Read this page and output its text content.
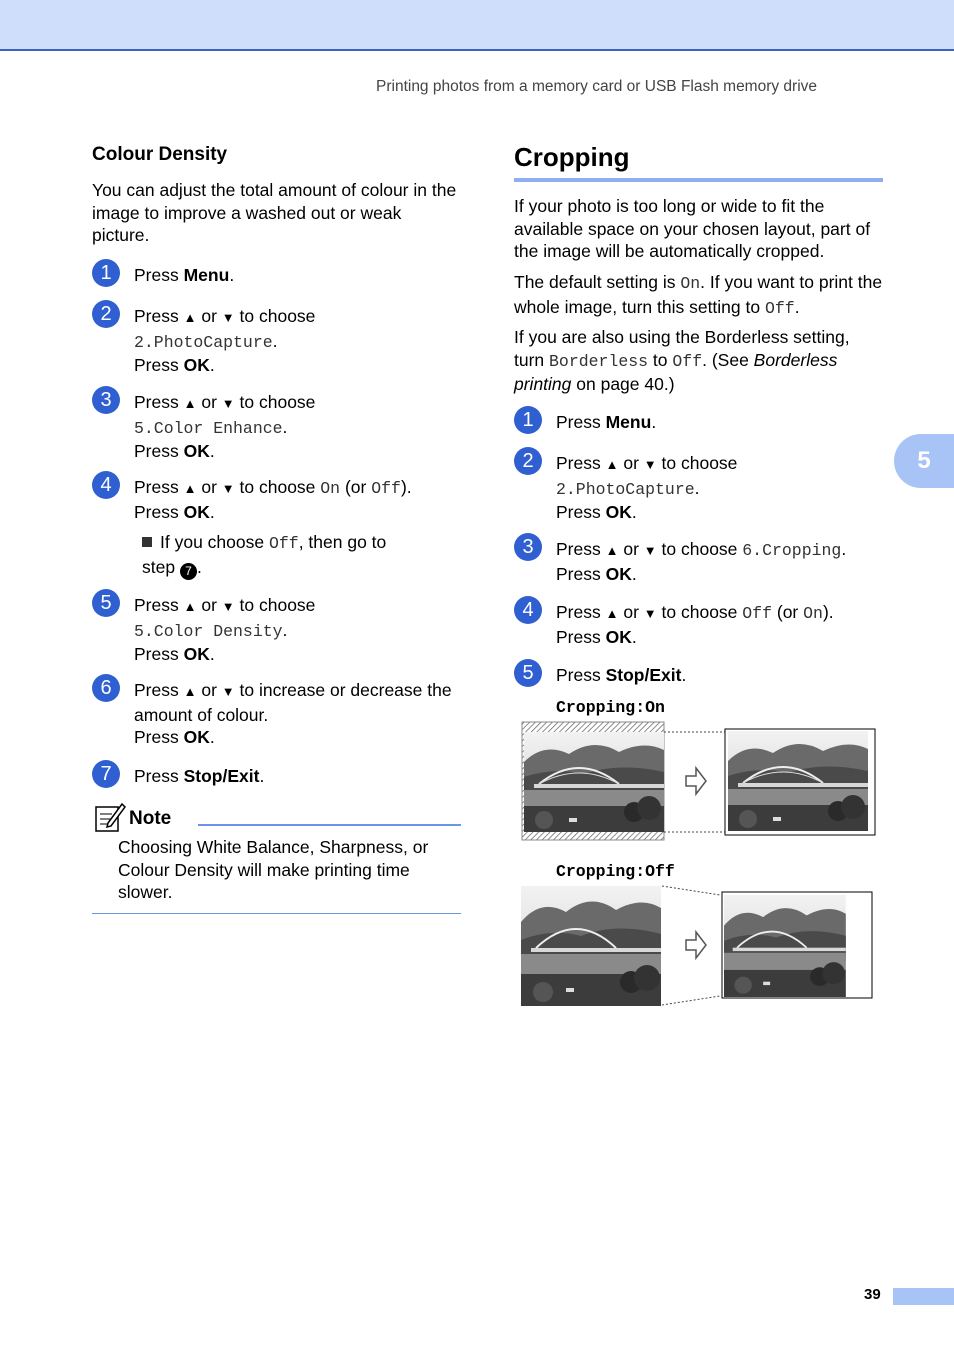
Printing photos from a memory card or USB Flash memory drive
5
Colour Density
You can adjust the total amount of colour in the image to improve a washed out or weak picture.
1	Press Menu.
2	Press ▲ or ▼ to choose
2.PhotoCapture.
Press OK.
3	Press ▲ or ▼ to choose
5.Color Enhance.
Press OK.
4	Press ▲ or ▼ to choose On (or Off).
Press OK.
If you choose Off, then go to step 7 .
5	Press ▲ or ▼ to choose
5.Color Density.
Press OK.
6	Press ▲ or ▼ to increase or decrease the amount of colour.
Press OK.
7	Press Stop/Exit.
Note
Choosing White Balance, Sharpness, or Colour Density will make printing time slower.
Cropping
If your photo is too long or wide to fit the available space on your chosen layout, part of the image will be automatically cropped.
The default setting is On. If you want to print the whole image, turn this setting to Off.
If you are also using the Borderless setting, turn Borderless to Off. (See Borderless printing on page 40.)
1	Press Menu.
2	Press ▲ or ▼ to choose
2.PhotoCapture.
Press OK.
3	Press ▲ or ▼ to choose 6.Cropping.
Press OK.
4	Press ▲ or ▼ to choose Off (or On).
Press OK.
5	Press Stop/Exit.
Cropping:On
Cropping:Off
39
